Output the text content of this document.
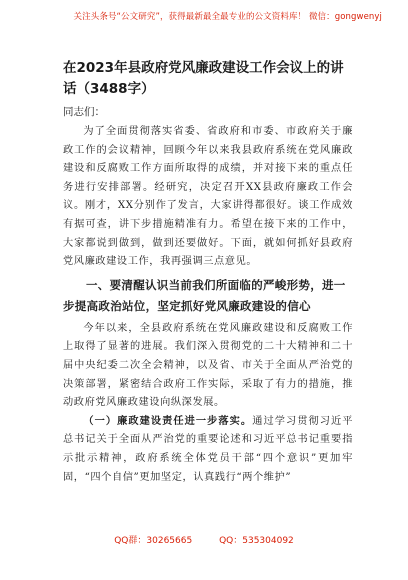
关注头条号“公文研究”，获得最新最全最专业的公文资料库！ 微信：gongwenyj
在2023年县政府党风廉政建设工作会议上的讲话（3488字）

同志们：

为了全面贯彻落实省委、省政府和市委、市政府关于廉政工作的会议精神，回顾今年以来我县政府系统在党风廉政建设和反腐败工作方面所取得的成绩，并对接下来的重点任务进行安排部署。经研究，决定召开XX县政府廉政工作会议。刚才，XX分别作了发言，大家讲得都很好。谈工作成效有据可查，讲下步措施精准有力。希望在接下来的工作中，大家都说到做到，做到还要做好。下面，就如何抓好县政府党风廉政建设工作，我再强调三点意见。

一、要清醒认识当前我们所面临的严峻形势，进一步提高政治站位，坚定抓好党风廉政建设的信心

今年以来，全县政府系统在党风廉政建设和反腐败工作上取得了显著的进展。我们深入贯彻党的二十大精神和二十届中央纪委二次全会精神，以及省、市关于全面从严治党的决策部署，紧密结合政府工作实际，采取了有力的措施，推动政府党风廉政建设向纵深发展。

（一）廉政建设责任进一步落实。通过学习贯彻习近平总书记关于全面从严治党的重要论述和习近平总书记重要指示批示精神，政府系统全体党员干部“四个意识”更加牢固，“四个自信”更加坚定，认真践行“两个维护”

QQ群：30265665	QQ：535304092
